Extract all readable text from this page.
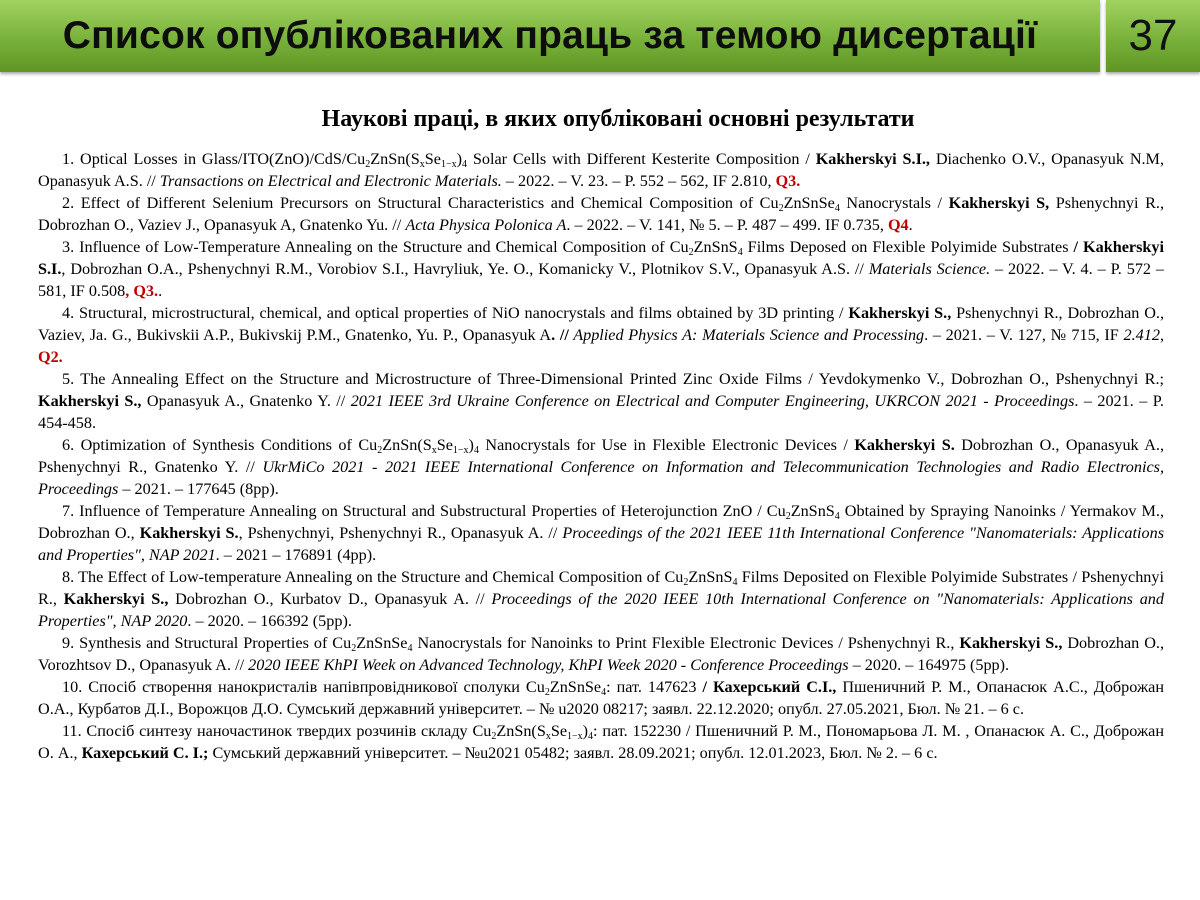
Список опублікованих праць за темою дисертації 37
Наукові праці, в яких опубліковані основні результати

1. Optical Losses in Glass/$ITO(ZnO)/CdS/Cu_2ZnSn(S_xSe_{1-x})_4$ Solar Cells with Different Kesterite Composition / Kakherskyi S.I., Diachenko O.V., Opanasyuk N.M, Opanasyuk A.S. // Transactions on Electrical and Electronic Materials. – 2022. – V. 23. – P. 552 – 562, IF 2.810, Q3.

2. Effect of Different Selenium Precursors on Structural Characteristics and Chemical Composition of $Cu_2ZnSnSe_4$ Nanocrystals / Kakherskyi S, Pshenychnyi R., Dobrozhan O., Vaziev J., Opanasyuk A, Gnatenko Yu. // Acta Physica Polonica A. – 2022. – V. 141, № 5. – P. 487 – 499. IF 0.735, Q4.

3. Influence of Low-Temperature Annealing on the Structure and Chemical Composition of $Cu_2ZnSnS_4$ Films Deposed on Flexible Polyimide Substrates / Kakherskyi S.I., Dobrozhan O.A., Pshenychnyi R.M., Vorobiov S.I., Havryliuk, Ye. O., Komanicky V., Plotnikov S.V., Opanasyuk A.S. // Materials Science. – 2022. – V. 4. – P. 572 – 581, IF 0.508, Q3..

4. Structural, microstructural, chemical, and optical properties of NiO nanocrystals and films obtained by 3D printing / Kakherskyi S., Pshenychnyi R., Dobrozhan O., Vaziev, Ja. G., Bukivskii A.P., Bukivskij P.M., Gnatenko, Yu. P., Opanasyuk A. // Applied Physics A: Materials Science and Processing. – 2021. – V. 127, № 715, IF 2.412, Q2.

5. The Annealing Effect on the Structure and Microstructure of Three-Dimensional Printed Zinc Oxide Films / Yevdokymenko V., Dobrozhan O., Pshenychnyi R.; Kakherskyi S., Opanasyuk A., Gnatenko Y. // 2021 IEEE 3rd Ukraine Conference on Electrical and Computer Engineering, UKRCON 2021 - Proceedings. – 2021. – P. 454-458.

6. Optimization of Synthesis Conditions of $Cu_2ZnSn(S_xSe_{1-x})_4$ Nanocrystals for Use in Flexible Electronic Devices / Kakherskyi S. Dobrozhan O., Opanasyuk A., Pshenychnyi R., Gnatenko Y. // UkrMiCo 2021 - 2021 IEEE International Conference on Information and Telecommunication Technologies and Radio Electronics, Proceedings – 2021. – 177645 (8pp).

7. Influence of Temperature Annealing on Structural and Substructural Properties of Heterojunction ZnO / $Cu_2ZnSnS_4$ Obtained by Spraying Nanoinks / Yermakov M., Dobrozhan O., Kakherskyi S., Pshenychnyi, Pshenychnyi R., Opanasyuk A. // Proceedings of the 2021 IEEE 11th International Conference "Nanomaterials: Applications and Properties", NAP 2021. – 2021 – 176891 (4pp).

8. The Effect of Low-temperature Annealing on the Structure and Chemical Composition of $Cu_2ZnSnS_4$ Films Deposited on Flexible Polyimide Substrates / Pshenychnyi R., Kakherskyi S., Dobrozhan O., Kurbatov D., Opanasyuk A. // Proceedings of the 2020 IEEE 10th International Conference on "Nanomaterials: Applications and Properties", NAP 2020. – 2020. – 166392 (5pp).

9. Synthesis and Structural Properties of $Cu_2ZnSnSe_4$ Nanocrystals for Nanoinks to Print Flexible Electronic Devices / Pshenychnyi R., Kakherskyi S., Dobrozhan O., Vorozhtsov D., Opanasyuk A. // 2020 IEEE KhPI Week on Advanced Technology, KhPI Week 2020 - Conference Proceedings – 2020. – 164975 (5pp).

10. Спосіб створення нанокристалів напівпровідникової сполуки $Cu_2ZnSnSe_4$: пат. 147623 / Кахерський С.І., Пшеничний Р. М., Опанасюк А.С., Доброжан О.А., Курбатов Д.І., Ворожцов Д.О. Сумський державний університет. – № u2020 08217; заявл. 22.12.2020; опубл. 27.05.2021, Бюл. № 21. – 6 с.

11. Спосіб синтезу наночастинок твердих розчинів складу $Cu_2ZnSn(S_xSe_{1-x})_4$: пат. 152230 / Пшеничний Р. М., Пономарьова Л. М. , Опанасюк А. С., Доброжан О. А., Кахерський С. І.; Сумський державний університет. – №u2021 05482; заявл. 28.09.2021; опубл. 12.01.2023, Бюл. № 2. – 6 с.
